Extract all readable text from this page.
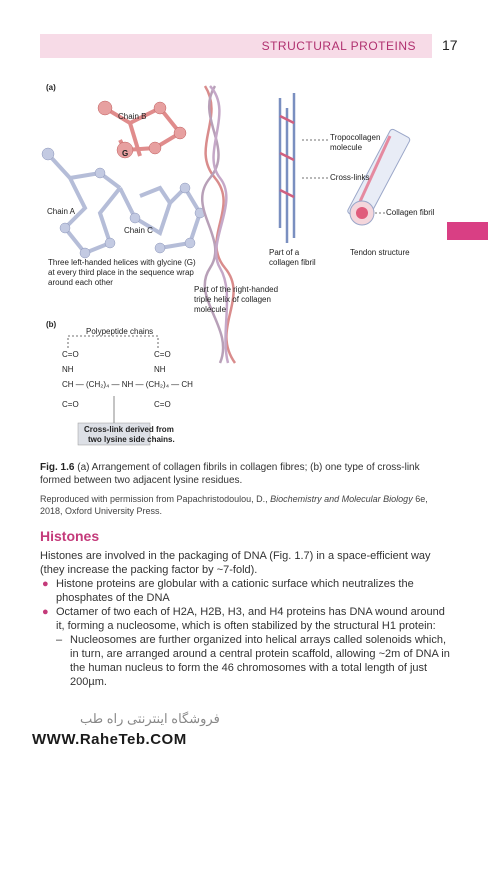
STRUCTURAL PROTEINS 17
(a)
Chain B
Chain A
Chain C
G
Three left-handed helices with glycine (G)
at every third place in the sequence wrap
around each other
Part of the right-handed
triple helix of collagen
molecule
Tropocollagen
molecule
Cross-links
Part of a
collagen fibril
Collagen fibril
Tendon structure
(b)
Polypeptide chains
C=O
NH
C=O
NH
CH — (CH₂)₄ — NH — (CH₂)₄ — CH
C=O	C=O
Cross-link derived from
two lysine side chains.
Fig. 1.6 (a) Arrangement of collagen fibrils in collagen fibres; (b) one type of cross-link formed between two adjacent lysine residues.
Reproduced with permission from Papachristodoulou, D., Biochemistry and Molecular Biology 6e, 2018, Oxford University Press.
Histones
Histones are involved in the packaging of DNA (Fig. 1.7) in a space-efficient way (they increase the packing factor by ~7-fold).
● Histone proteins are globular with a cationic surface which neutralizes the phosphates of the DNA
● Octamer of two each of H2A, H2B, H3, and H4 proteins has DNA wound around it, forming a nucleosome, which is often stabilized by the structural H1 protein:
– Nucleosomes are further organized into helical arrays called solenoids which, in turn, are arranged around a central protein scaffold, allowing ~2m of DNA in the human nucleus to form the 46 chromosomes with a total length of just 200µm.
فروشگاه اینترنتی راه طب
WWW.RaheTeb.COM
